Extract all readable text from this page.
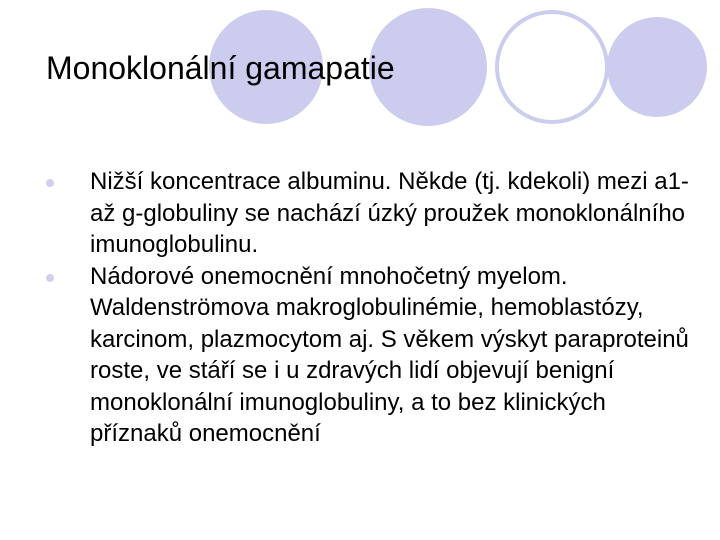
Monoklonální gamapatie
Nižší koncentrace albuminu. Někde (tj. kdekoli) mezi a1- až g-globuliny se nachází úzký proužek monoklonálního imunoglobulinu.
Nádorové onemocnění mnohočetný myelom. Waldenströmova makroglobulinémie, hemoblastózy, karcinom, plazmocytom aj. S věkem výskyt paraproteinů roste, ve stáří se i u zdravých lidí objevují benigní monoklonální imunoglobuliny, a to bez klinických příznaků onemocnění
